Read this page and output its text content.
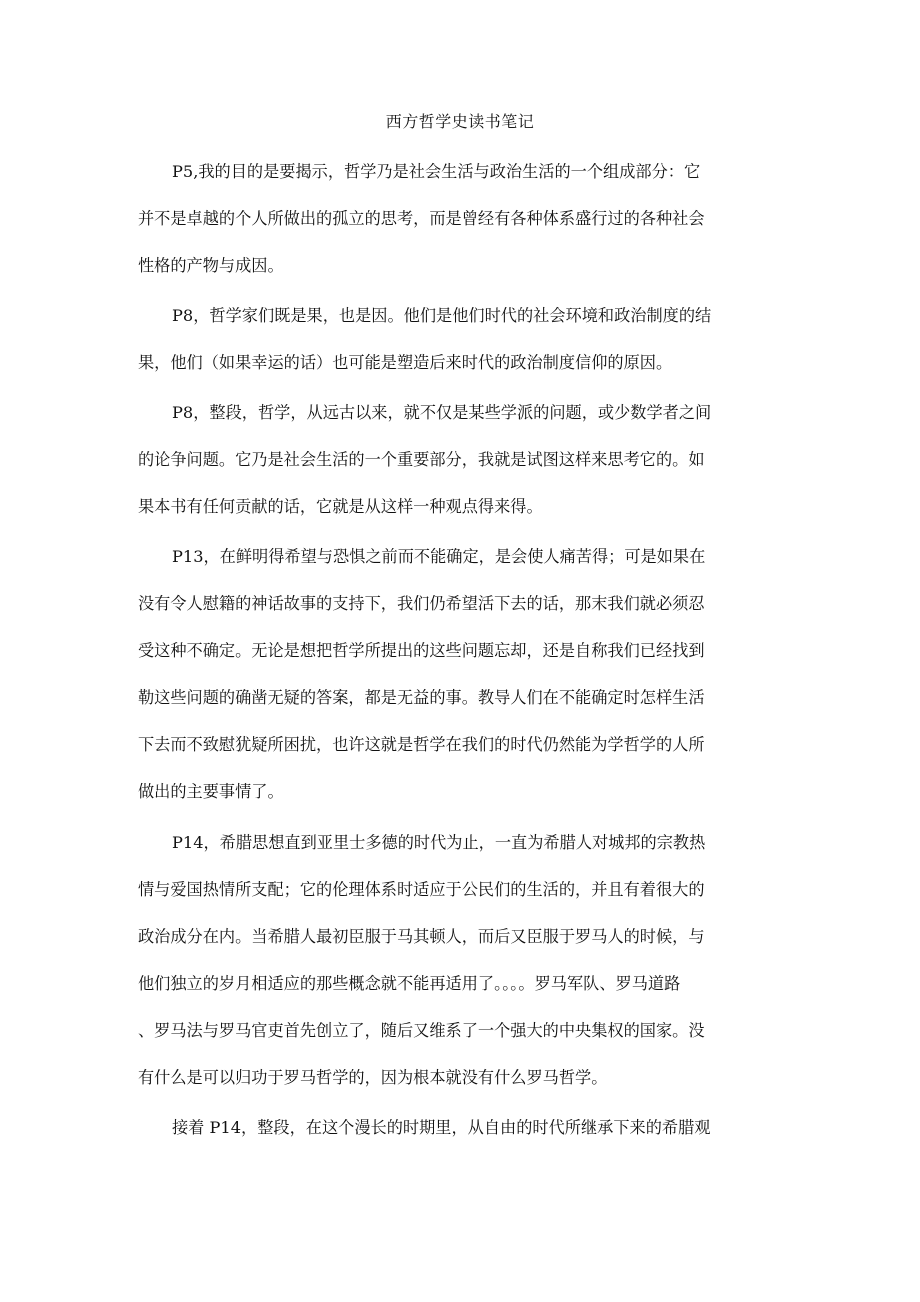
西方哲学史读书笔记
P5,我的目的是要揭示，哲学乃是社会生活与政治生活的一个组成部分：它
并不是卓越的个人所做出的孤立的思考，而是曾经有各种体系盛行过的各种社会
性格的产物与成因。
P8，哲学家们既是果，也是因。他们是他们时代的社会环境和政治制度的结
果，他们（如果幸运的话）也可能是塑造后来时代的政治制度信仰的原因。
P8，整段，哲学，从远古以来，就不仅是某些学派的问题，或少数学者之间
的论争问题。它乃是社会生活的一个重要部分，我就是试图这样来思考它的。如
果本书有任何贡献的话，它就是从这样一种观点得来得。
P13，在鲜明得希望与恐惧之前而不能确定，是会使人痛苦得；可是如果在
没有令人慰籍的神话故事的支持下，我们仍希望活下去的话，那末我们就必须忍
受这种不确定。无论是想把哲学所提出的这些问题忘却，还是自称我们已经找到
勒这些问题的确凿无疑的答案，都是无益的事。教导人们在不能确定时怎样生活
下去而不致慰犹疑所困扰，也许这就是哲学在我们的时代仍然能为学哲学的人所
做出的主要事情了。
P14，希腊思想直到亚里士多德的时代为止，一直为希腊人对城邦的宗教热
情与爱国热情所支配；它的伦理体系时适应于公民们的生活的，并且有着很大的
政治成分在内。当希腊人最初臣服于马其顿人，而后又臣服于罗马人的时候，与
他们独立的岁月相适应的那些概念就不能再适用了。。。。罗马军队、罗马道路
、罗马法与罗马官吏首先创立了，随后又维系了一个强大的中央集权的国家。没
有什么是可以归功于罗马哲学的，因为根本就没有什么罗马哲学。
接着 P14，整段，在这个漫长的时期里，从自由的时代所继承下来的希腊观
